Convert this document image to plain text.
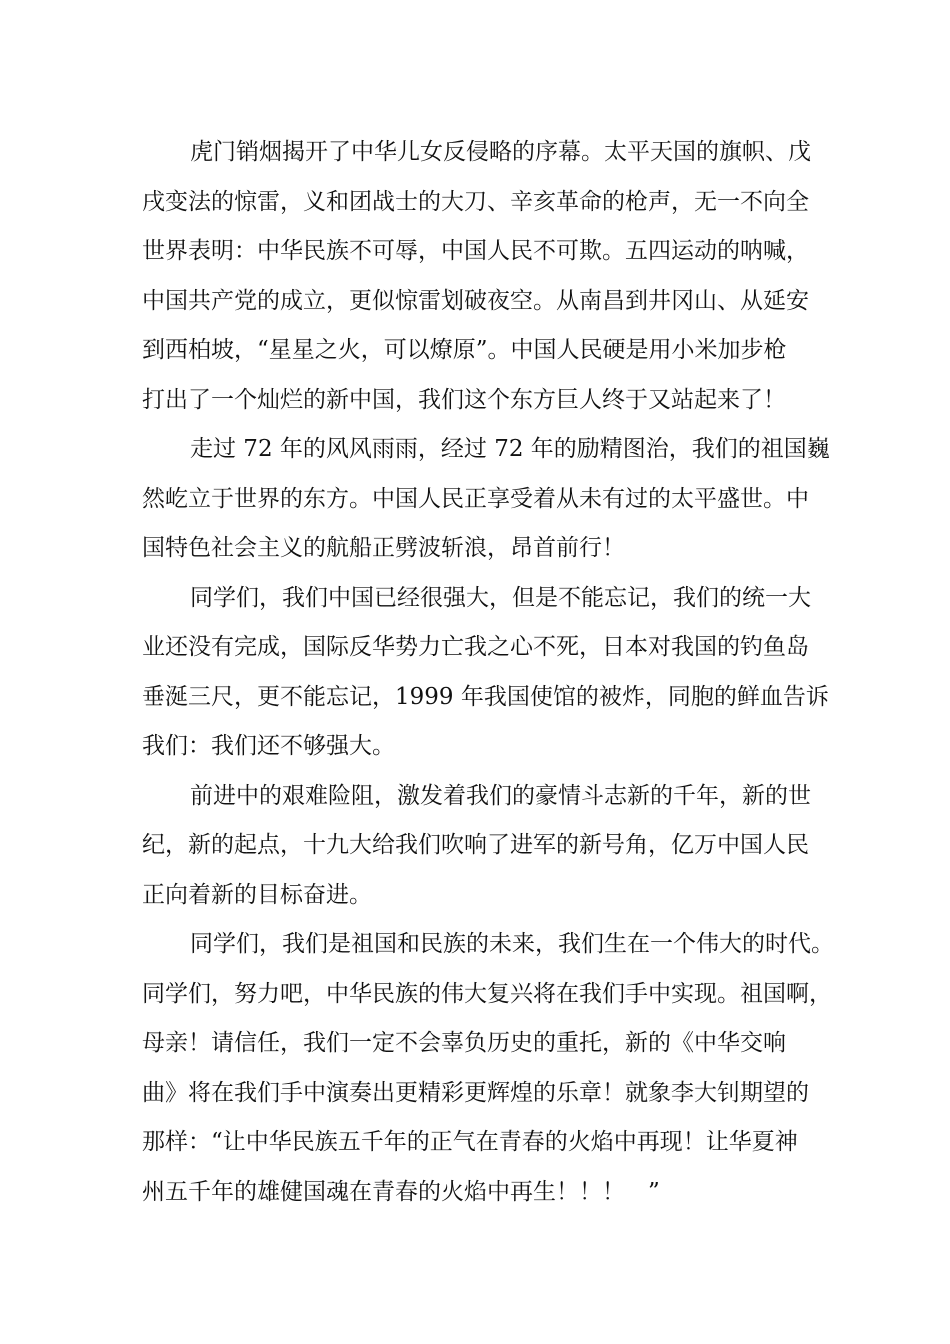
虎门销烟揭开了中华儿女反侵略的序幕。太平天国的旗帜、戊
戌变法的惊雷，义和团战士的大刀、辛亥革命的枪声，无一不向全
世界表明：中华民族不可辱，中国人民不可欺。五四运动的呐喊，
中国共产党的成立，更似惊雷划破夜空。从南昌到井冈山、从延安
到西柏坡，“星星之火，可以燎原”。中国人民硬是用小米加步枪
打出了一个灿烂的新中国，我们这个东方巨人终于又站起来了！
走过 72 年的风风雨雨，经过 72 年的励精图治，我们的祖国巍
然屹立于世界的东方。中国人民正享受着从未有过的太平盛世。中
国特色社会主义的航船正劈波斩浪，昂首前行！
同学们，我们中国已经很强大，但是不能忘记，我们的统一大
业还没有完成，国际反华势力亡我之心不死，日本对我国的钓鱼岛
垂涎三尺，更不能忘记，1999 年我国使馆的被炸，同胞的鲜血告诉
我们：我们还不够强大。
前进中的艰难险阻，激发着我们的豪情斗志新的千年，新的世
纪，新的起点，十九大给我们吹响了进军的新号角，亿万中国人民
正向着新的目标奋进。
同学们，我们是祖国和民族的未来，我们生在一个伟大的时代。
同学们，努力吧，中华民族的伟大复兴将在我们手中实现。祖国啊，
母亲！请信任，我们一定不会辜负历史的重托，新的《中华交响
曲》将在我们手中演奏出更精彩更辉煌的乐章！就象李大钊期望的
那样：“让中华民族五千年的正气在青春的火焰中再现！让华夏神
州五千年的雄健国魂在青春的火焰中再生！！！　”
